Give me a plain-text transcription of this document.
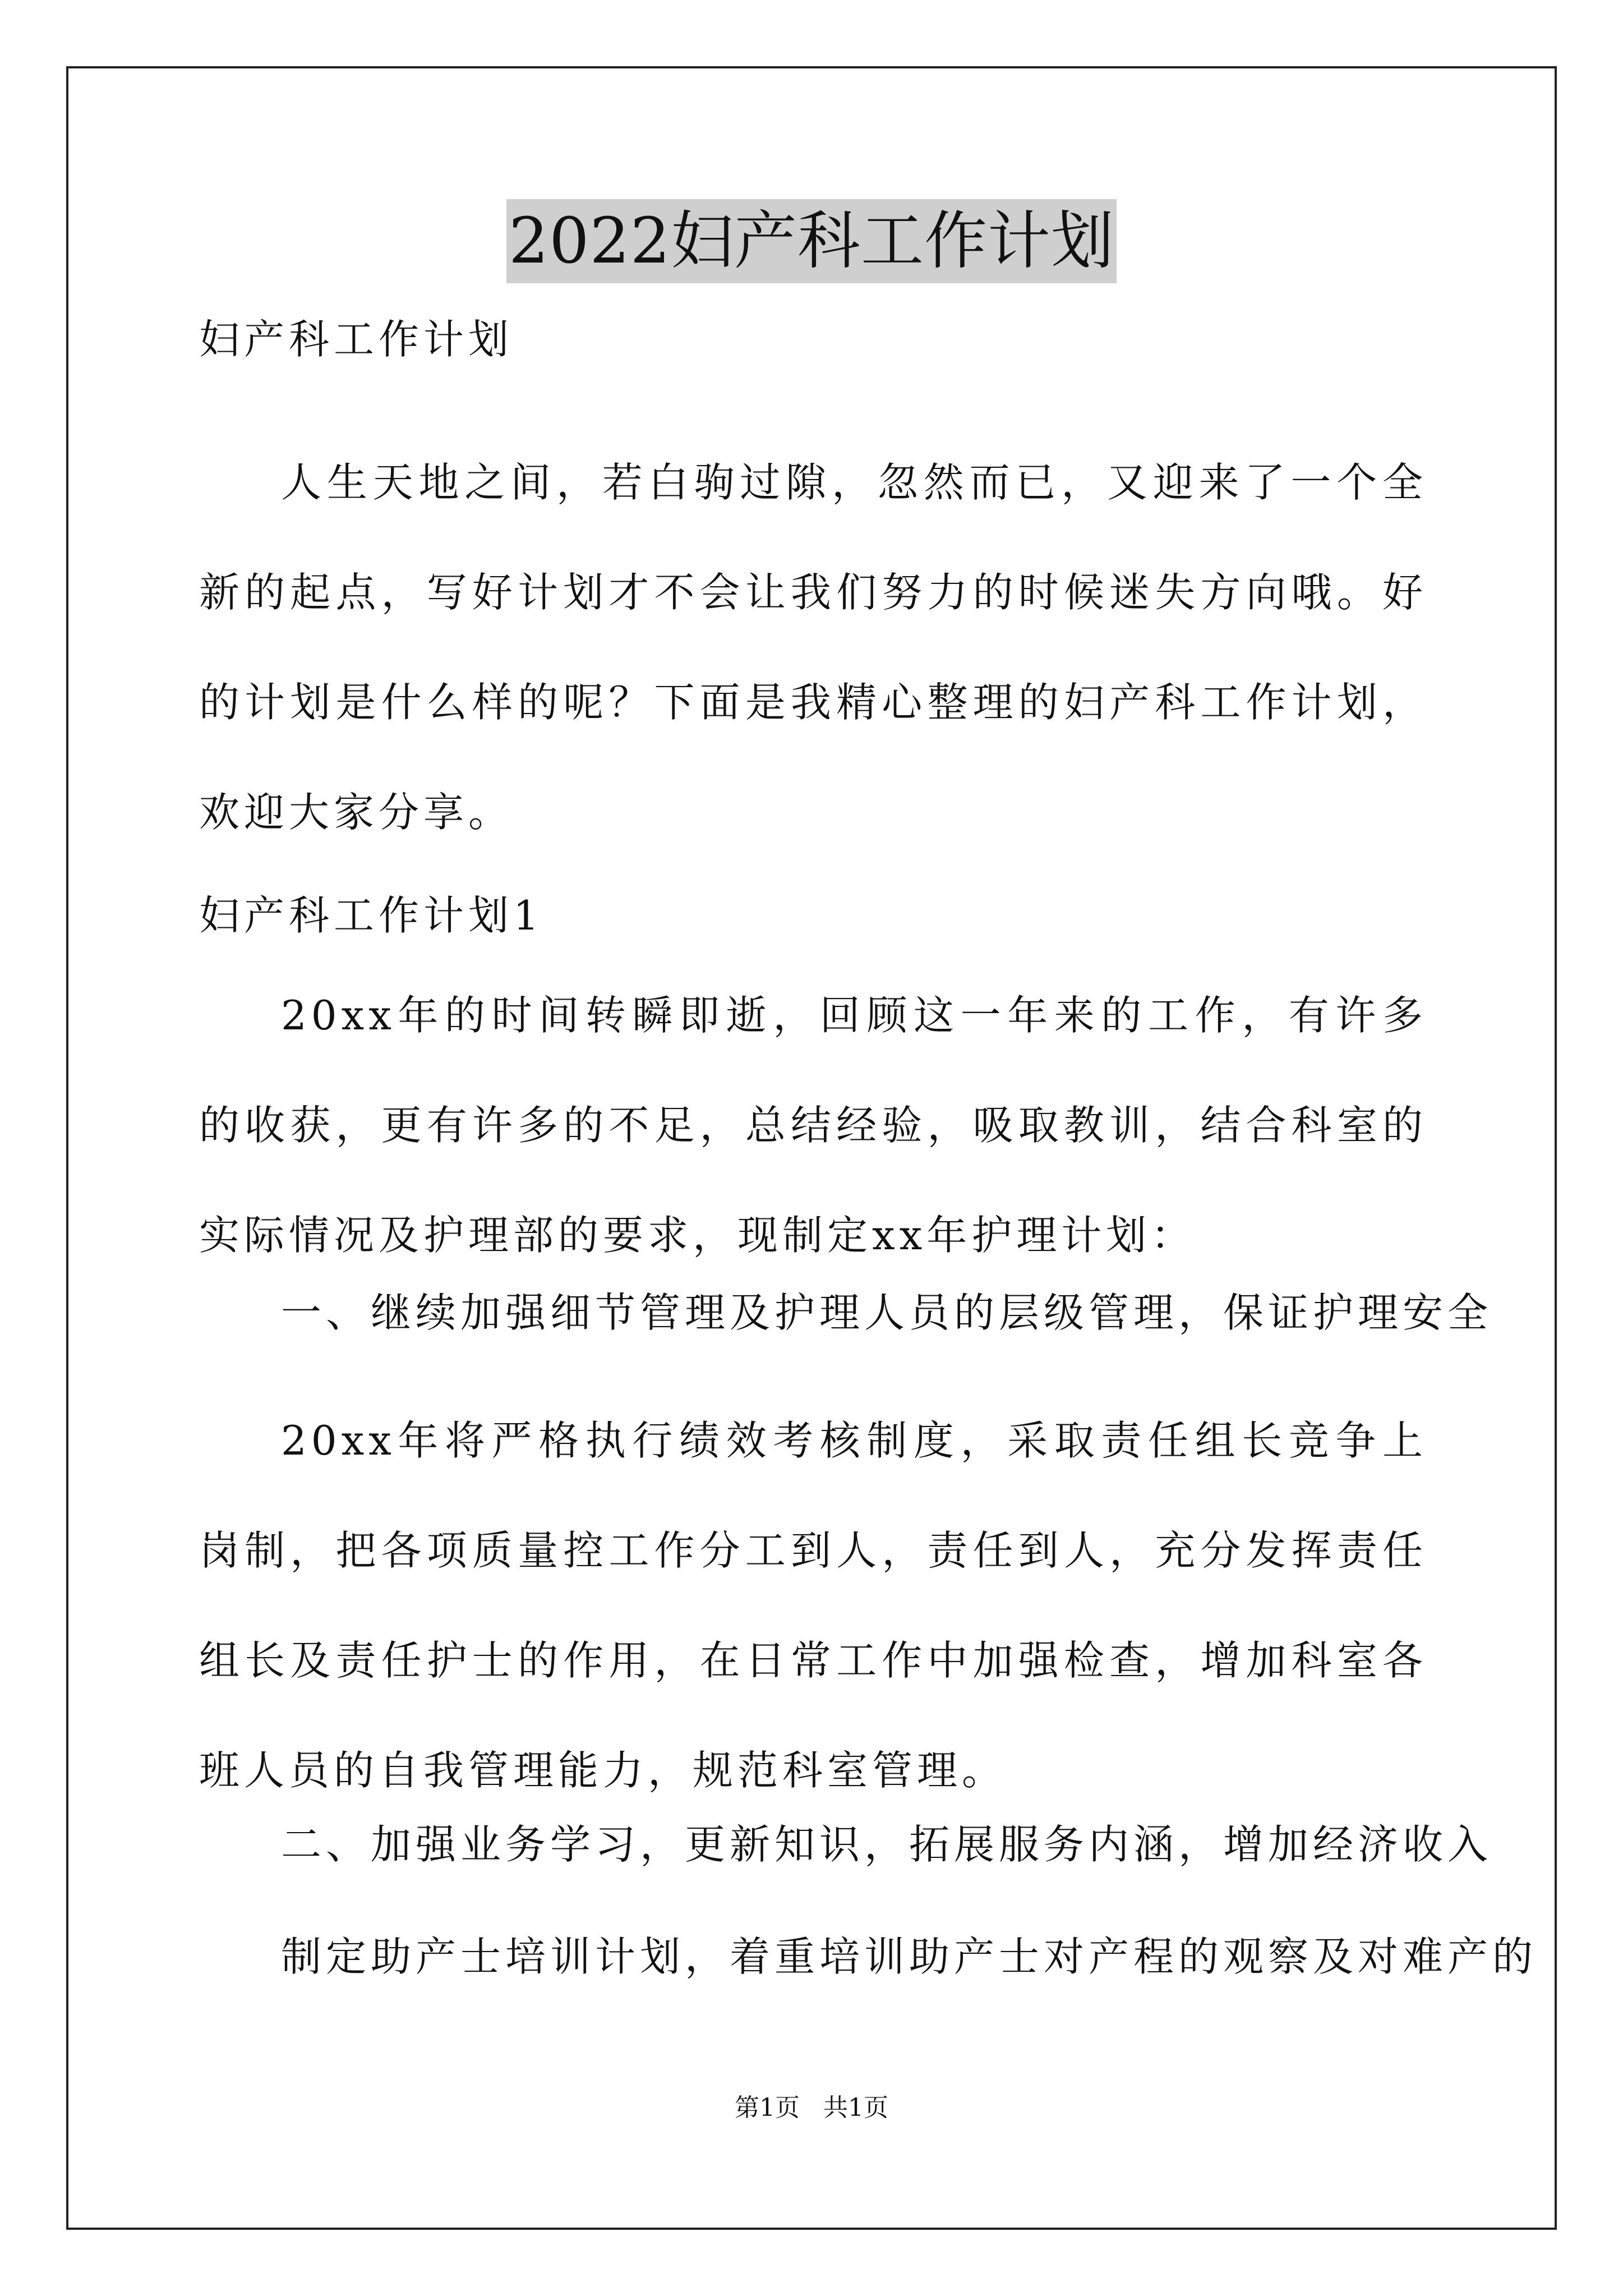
2022妇产科工作计划
妇产科工作计划
人生天地之间，若白驹过隙，忽然而已，又迎来了一个全新的起点，写好计划才不会让我们努力的时候迷失方向哦。好的计划是什么样的呢？下面是我精心整理的妇产科工作计划，欢迎大家分享。
妇产科工作计划1
20xx年的时间转瞬即逝，回顾这一年来的工作，有许多的收获，更有许多的不足，总结经验，吸取教训，结合科室的实际情况及护理部的要求，现制定xx年护理计划：
一、继续加强细节管理及护理人员的层级管理，保证护理安全
20xx年将严格执行绩效考核制度，采取责任组长竞争上岗制，把各项质量控工作分工到人，责任到人，充分发挥责任组长及责任护士的作用，在日常工作中加强检查，增加科室各班人员的自我管理能力，规范科室管理。
二、加强业务学习，更新知识，拓展服务内涵，增加经济收入
制定助产士培训计划，着重培训助产士对产程的观察及对难产的
第1页 共1页
